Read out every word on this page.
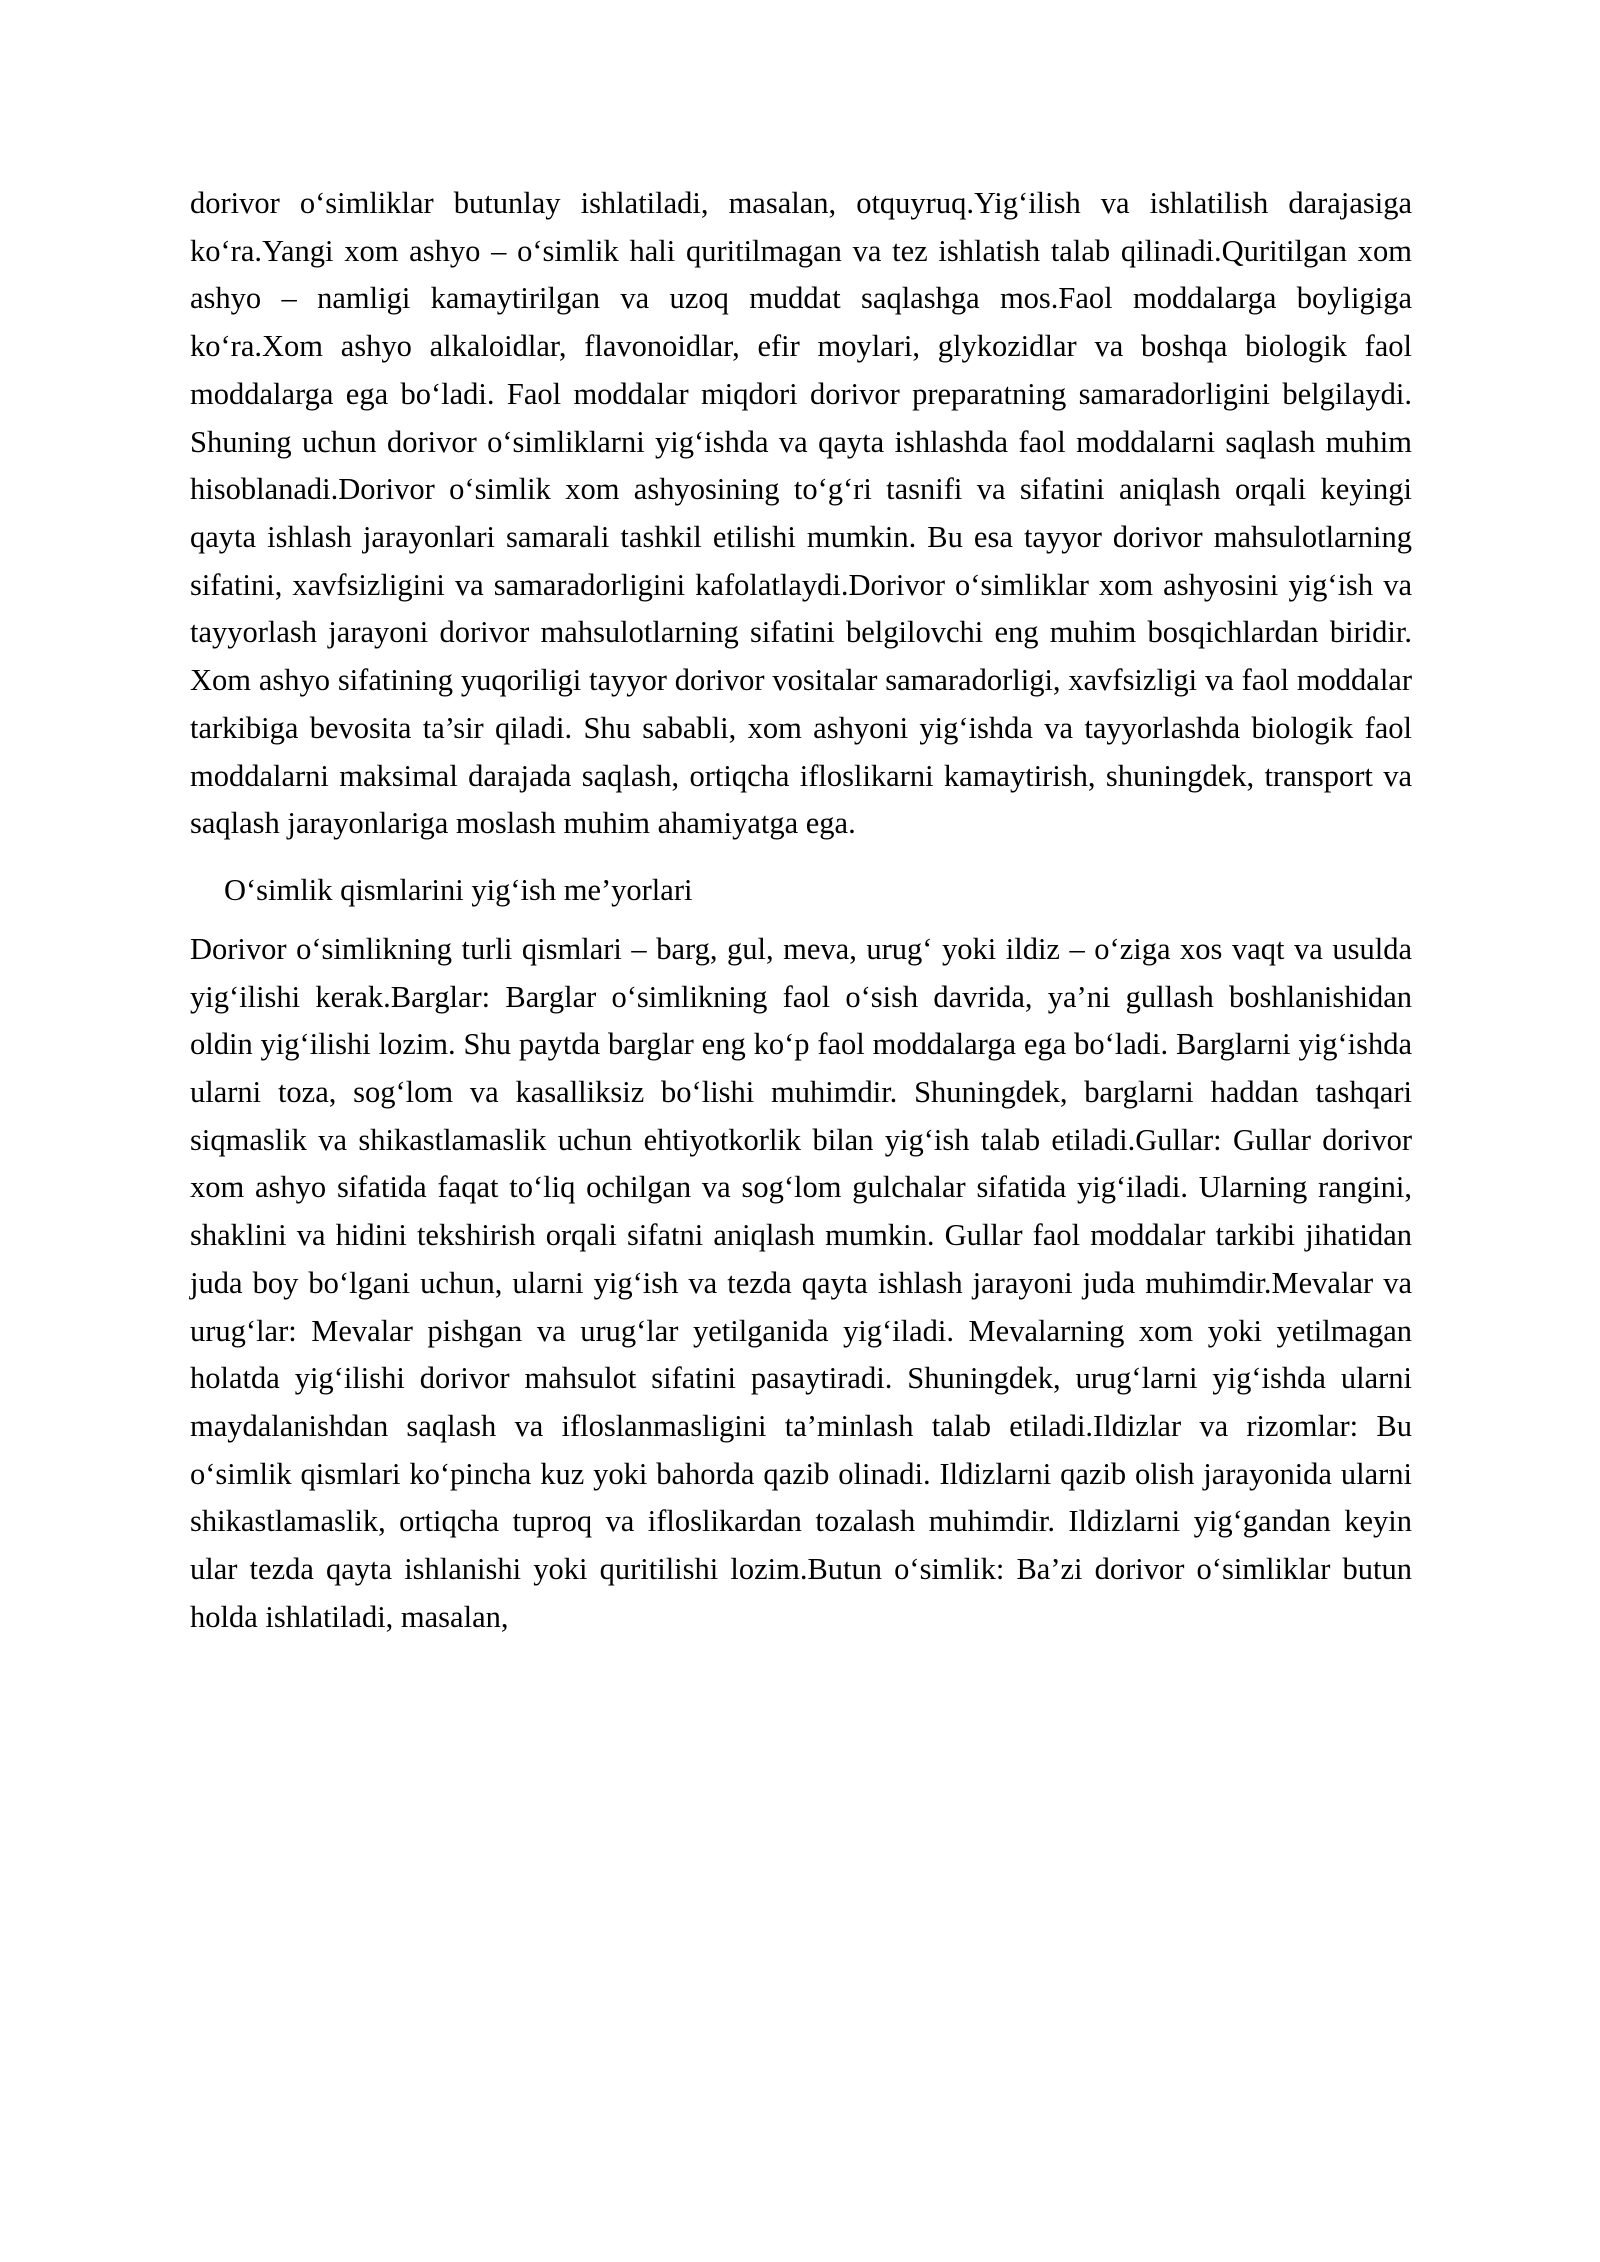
dorivor o‘simliklar butunlay ishlatiladi, masalan, otquyruq.Yig‘ilish va ishlatilish darajasiga ko‘ra.Yangi xom ashyo – o‘simlik hali quritilmagan va tez ishlatish talab qilinadi.Quritilgan xom ashyo – namligi kamaytirilgan va uzoq muddat saqlashga mos.Faol moddalarga boyligiga ko‘ra.Xom ashyo alkaloidlar, flavonoidlar, efir moylari, glykozidlar va boshqa biologik faol moddalarga ega bo‘ladi. Faol moddalar miqdori dorivor preparatning samaradorligini belgilaydi. Shuning uchun dorivor o‘simliklarni yig‘ishda va qayta ishlashda faol moddalarni saqlash muhim hisoblanadi.Dorivor o‘simlik xom ashyosining to‘g‘ri tasnifi va sifatini aniqlash orqali keyingi qayta ishlash jarayonlari samarali tashkil etilishi mumkin. Bu esa tayyor dorivor mahsulotlarning sifatini, xavfsizligini va samaradorligini kafolatlaydi.Dorivor o‘simliklar xom ashyosini yig‘ish va tayyorlash jarayoni dorivor mahsulotlarning sifatini belgilovchi eng muhim bosqichlardan biridir. Xom ashyo sifatining yuqoriligi tayyor dorivor vositalar samaradorligi, xavfsizligi va faol moddalar tarkibiga bevosita ta’sir qiladi. Shu sababli, xom ashyoni yig‘ishda va tayyorlashda biologik faol moddalarni maksimal darajada saqlash, ortiqcha ifloslikarni kamaytirish, shuningdek, transport va saqlash jarayonlariga moslash muhim ahamiyatga ega.

O‘simlik qismlarini yig‘ish me’yorlari

Dorivor o‘simlikning turli qismlari – barg, gul, meva, urug‘ yoki ildiz – o‘ziga xos vaqt va usulda yig‘ilishi kerak.Barglar: Barglar o‘simlikning faol o‘sish davrida, ya’ni gullash boshlanishidan oldin yig‘ilishi lozim. Shu paytda barglar eng ko‘p faol moddalarga ega bo‘ladi. Barglarni yig‘ishda ularni toza, sog‘lom va kasalliksiz bo‘lishi muhimdir. Shuningdek, barglarni haddan tashqari siqmaslik va shikastlamaslik uchun ehtiyotkorlik bilan yig‘ish talab etiladi.Gullar: Gullar dorivor xom ashyo sifatida faqat to‘liq ochilgan va sog‘lom gulchalar sifatida yig‘iladi. Ularning rangini, shaklini va hidini tekshirish orqali sifatni aniqlash mumkin. Gullar faol moddalar tarkibi jihatidan juda boy bo‘lgani uchun, ularni yig‘ish va tezda qayta ishlash jarayoni juda muhimdir.Mevalar va urug‘lar: Mevalar pishgan va urug‘lar yetilganida yig‘iladi. Mevalarning xom yoki yetilmagan holatda yig‘ilishi dorivor mahsulot sifatini pasaytiradi. Shuningdek, urug‘larni yig‘ishda ularni maydalanishdan saqlash va ifloslanmasligini ta’minlash talab etiladi.Ildizlar va rizomlar: Bu o‘simlik qismlari ko‘pincha kuz yoki bahorda qazib olinadi. Ildizlarni qazib olish jarayonida ularni shikastlamaslik, ortiqcha tuproq va ifloslikardan tozalash muhimdir. Ildizlarni yig‘gandan keyin ular tezda qayta ishlanishi yoki quritilishi lozim.Butun o‘simlik: Ba’zi dorivor o‘simliklar butun holda ishlatiladi, masalan,
